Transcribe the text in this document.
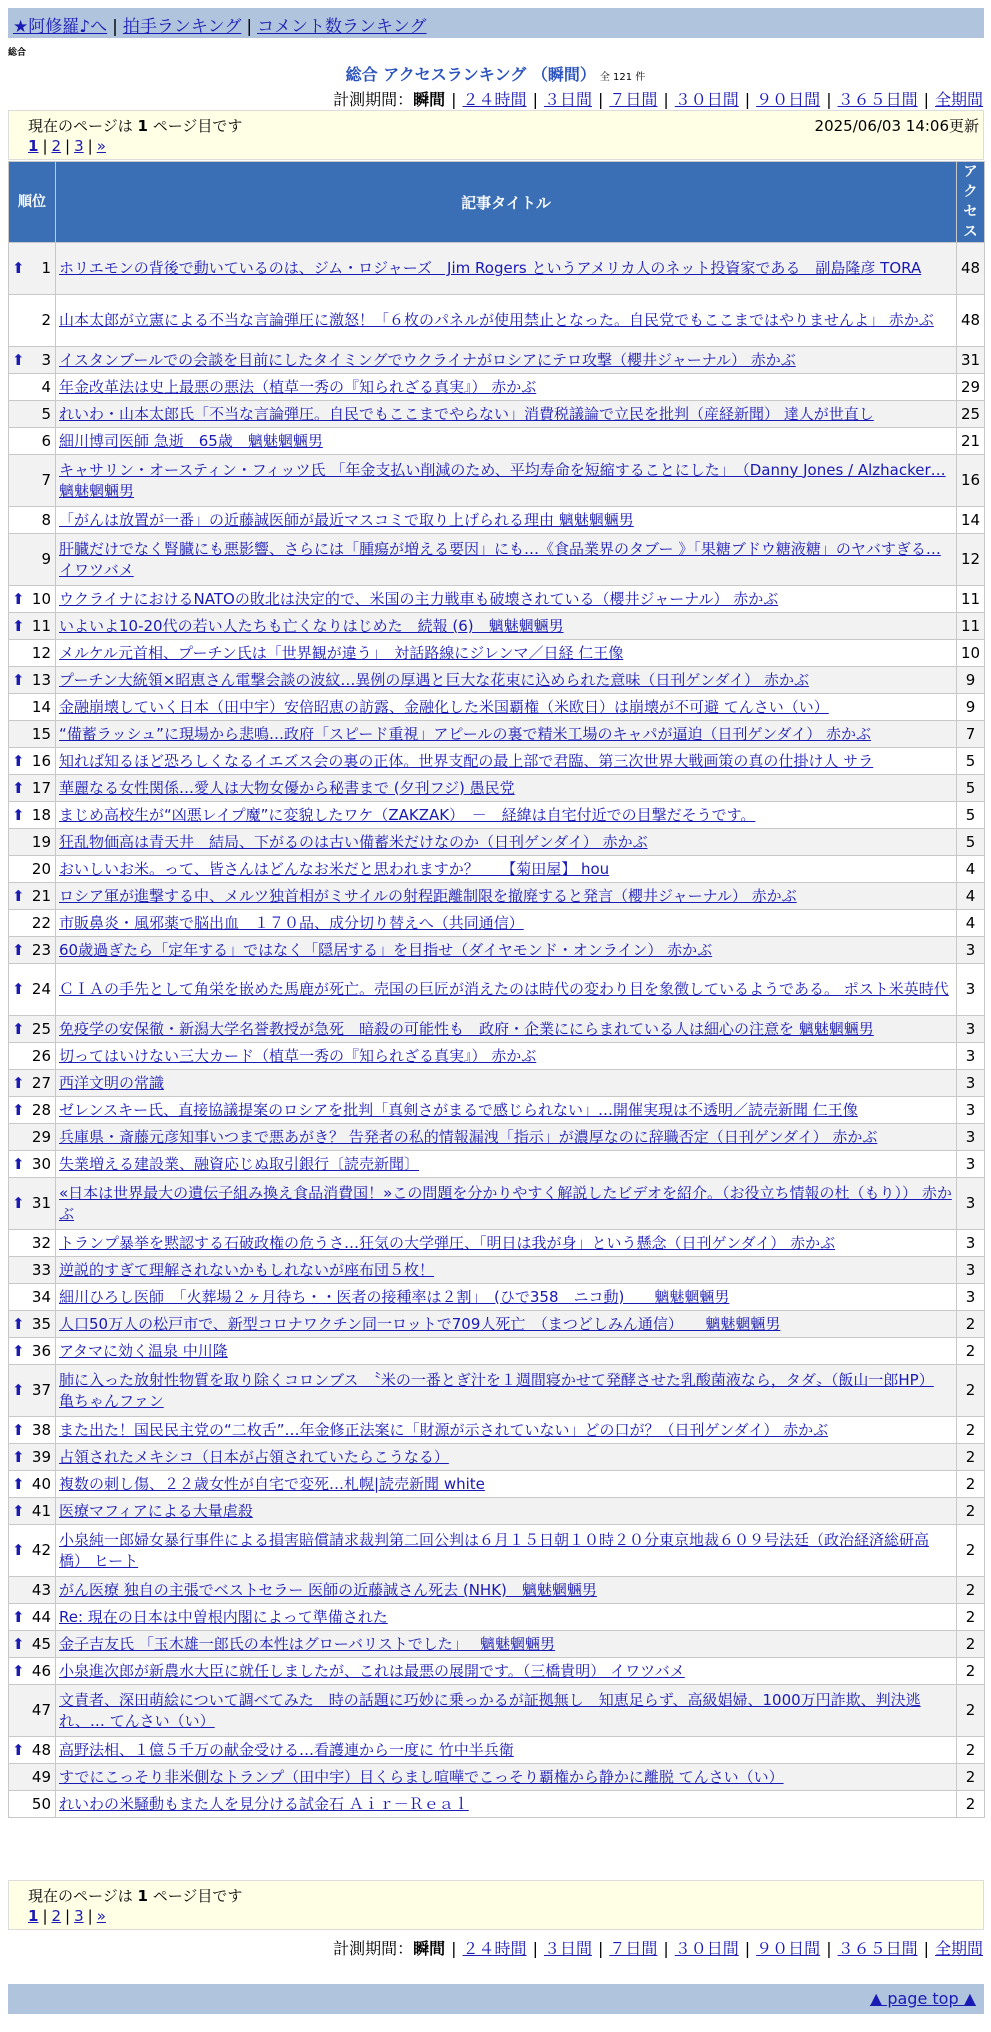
★阿修羅♪へ | 拍手ランキング | コメント数ランキング
総合
総合 アクセスランキング （瞬間） 全 121 件
計測期間：瞬間 | ２４時間 | ３日間 | ７日間 | ３０日間 | ９０日間 | ３６５日間 | 全期間
現在のページは 1 ページ目です	2025/06/03 14:06更新
1 | 2 | 3 | »
順位	記事タイトル	アクセス

⬆ 1	ホリエモンの背後で動いているのは、ジム・ロジャーズ　Jim Rogers というアメリカ人のネット投資家である　副島隆彦 TORA	48
2	山本太郎が立憲による不当な言論弾圧に激怒！「６枚のパネルが使用禁止となった。自民党でもここまではやりませんよ」 赤かぶ	48

⬆ 3	イスタンブールでの会談を目前にしたタイミングでウクライナがロシアにテロ攻撃（櫻井ジャーナル） 赤かぶ	31
4	年金改革法は史上最悪の悪法（植草一秀の『知られざる真実』） 赤かぶ	29
5	れいわ・山本太郎氏「不当な言論弾圧。自民でもここまでやらない」消費税議論で立民を批判（産経新聞） 達人が世直し	25
6	細川博司医師 急逝　65歳　魑魅魍魎男	21
7	キャサリン・オースティン・フィッツ氏 「年金支払い削減のため、平均寿命を短縮することにした」　（Danny Jones / Alzhacker… 魑魅魍魎男	16
8	「がんは放置が一番」の近藤誠医師が最近マスコミで取り上げられる理由 魑魅魍魎男	14
9	肝臓だけでなく腎臓にも悪影響、さらには「腫瘍が増える要因」にも…《食品業界のタブー 》「果糖ブドウ糖液糖」のヤバすぎる… イワツバメ	12

⬆ 10	ウクライナにおけるNATOの敗北は決定的で、米国の主力戦車も破壊されている（櫻井ジャーナル） 赤かぶ	11

⬆ 11	いよいよ10-20代の若い人たちも亡くなりはじめた　続報 (6)　魑魅魍魎男	11
12	メルケル元首相、プーチン氏は「世界観が違う」　対話路線にジレンマ／日経 仁王像	10

⬆ 13	プーチン大統領×昭恵さん電撃会談の波紋…異例の厚遇と巨大な花束に込められた意味（日刊ゲンダイ） 赤かぶ	9
14	金融崩壊していく日本（田中宇）安倍昭恵の訪露、金融化した米国覇権（米欧日）は崩壊が不可避 てんさい（い）	9
15	“備蓄ラッシュ”に現場から悲鳴…政府「スピード重視」アピールの裏で精米工場のキャパが逼迫（日刊ゲンダイ） 赤かぶ	7

⬆ 16	知れば知るほど恐ろしくなるイエズス会の裏の正体。世界支配の最上部で君臨、第三次世界大戦画策の真の仕掛け人 サラ	5

⬆ 17	華麗なる女性関係…愛人は大物女優から秘書まで (夕刊フジ) 愚民党	5

⬆ 18	まじめ高校生が“凶悪レイプ魔”に変貌したワケ（ZAKZAK）　－　経緯は自宅付近での目撃だそうです。	5
19	狂乱物価高は青天井　結局、下がるのは古い備蓄米だけなのか（日刊ゲンダイ） 赤かぶ	5
20	おいしいお米。って、皆さんはどんなお米だと思われますか？　　【菊田屋】 hou	4

⬆ 21	ロシア軍が進撃する中、メルツ独首相がミサイルの射程距離制限を撤廃すると発言（櫻井ジャーナル） 赤かぶ	4
22	市販鼻炎・風邪薬で脳出血　１７０品、成分切り替えへ（共同通信）	4

⬆ 23	60歳過ぎたら「定年する」ではなく「隠居する」を目指せ（ダイヤモンド・オンライン） 赤かぶ	3

⬆ 24	ＣＩＡの手先として角栄を嵌めた馬鹿が死亡。売国の巨匠が消えたのは時代の変わり目を象徴しているようである。 ポスト米英時代	3

⬆ 25	免疫学の安保徹・新潟大学名誉教授が急死　暗殺の可能性も　政府・企業ににらまれている人は細心の注意を 魑魅魍魎男	3
26	切ってはいけない三大カード（植草一秀の『知られざる真実』） 赤かぶ	3

⬆ 27	西洋文明の常識	3

⬆ 28	ゼレンスキー氏、直接協議提案のロシアを批判「真剣さがまるで感じられない」…開催実現は不透明／読売新聞 仁王像	3
29	兵庫県・斎藤元彦知事いつまで悪あがき？ 告発者の私的情報漏洩「指示」が濃厚なのに辞職否定（日刊ゲンダイ） 赤かぶ	3

⬆ 30	失業増える建設業、融資応じぬ取引銀行〔読売新聞〕	3

⬆ 31	«日本は世界最大の遺伝子組み換え食品消費国！»この問題を分かりやすく解説したビデオを紹介。（お役立ち情報の杜（もり）） 赤かぶ	3
32	トランプ暴挙を黙認する石破政権の危うさ…狂気の大学弾圧、「明日は我が身」という懸念（日刊ゲンダイ） 赤かぶ	3
33	逆説的すぎて理解されないかもしれないが座布団５枚！	3
34	細川ひろし医師　「火葬場２ヶ月待ち・・医者の接種率は２割」　(ひで358　ニコ動)　　魑魅魍魎男	3

⬆ 35	人口50万人の松戸市で、新型コロナワクチン同一ロットで709人死亡　（まつどしみん通信）　　魑魅魍魎男	2

⬆ 36	アタマに効く温泉 中川隆	2

⬆ 37	肺に入った放射性物質を取り除くコロンブス　〝米の一番とぎ汁を１週間寝かせて発酵させた乳酸菌液なら，タダ〟（飯山一郎HP） 亀ちゃんファン	2

⬆ 38	また出た！国民民主党の“二枚舌”…年金修正法案に「財源が示されていない」どの口が？（日刊ゲンダイ） 赤かぶ	2

⬆ 39	占領されたメキシコ（日本が占領されていたらこうなる）	2

⬆ 40	複数の刺し傷、２２歳女性が自宅で変死…札幌|読売新聞 white	2

⬆ 41	医療マフィアによる大量虐殺	2

⬆ 42	小泉純一郎婦女暴行事件による損害賠償請求裁判第二回公判は６月１５日朝１０時２０分東京地裁６０９号法廷（政治経済総研高橋） ヒート	2
43	がん医療 独自の主張でベストセラー 医師の近藤誠さん死去 (NHK)　魑魅魍魎男	2

⬆ 44	Re: 現在の日本は中曽根内閣によって準備された	2

⬆ 45	金子吉友氏 「玉木雄一郎氏の本性はグローバリストでした」　 魑魅魍魎男	2

⬆ 46	小泉進次郎が新農水大臣に就任しましたが、これは最悪の展開です。（三橋貴明） イワツバメ	2
47	文責者、深田萌絵について調べてみた　時の話題に巧妙に乗っかるが証拠無し　知恵足らず、高級娼婦、1000万円詐欺、判決逃れ、… てんさい（い）	2

⬆ 48	高野法相、１億５千万の献金受ける…看護連から一度に 竹中半兵衛	2
49	すでにこっそり非米側なトランプ（田中宇）目くらまし喧嘩でこっそり覇権から静かに離脱 てんさい（い）	2
50	れいわの米騒動もまた人を見分ける試金石 Ａｉｒ－Ｒｅａｌ	2
現在のページは 1 ページ目です
1 | 2 | 3 | »
計測期間：瞬間 | ２４時間 | ３日間 | ７日間 | ３０日間 | ９０日間 | ３６５日間 | 全期間
▲ page top ▲
